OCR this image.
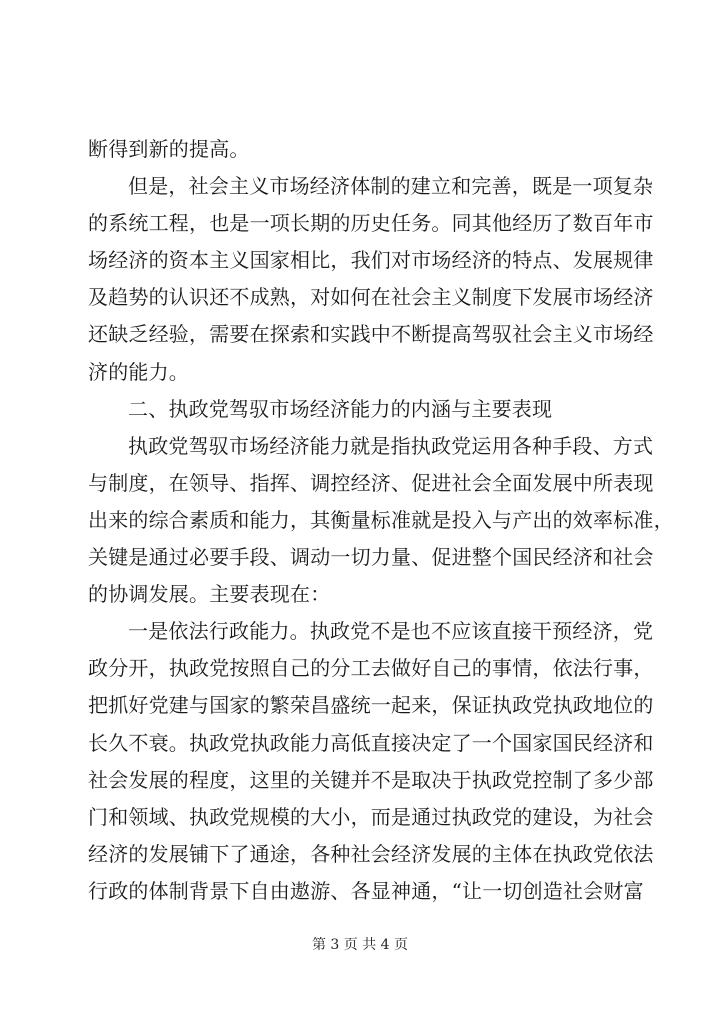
断得到新的提高。
但是，社会主义市场经济体制的建立和完善，既是一项复杂
的系统工程，也是一项长期的历史任务。同其他经历了数百年市
场经济的资本主义国家相比，我们对市场经济的特点、发展规律
及趋势的认识还不成熟，对如何在社会主义制度下发展市场经济
还缺乏经验，需要在探索和实践中不断提高驾驭社会主义市场经
济的能力。
二、执政党驾驭市场经济能力的内涵与主要表现
执政党驾驭市场经济能力就是指执政党运用各种手段、方式
与制度，在领导、指挥、调控经济、促进社会全面发展中所表现
出来的综合素质和能力，其衡量标准就是投入与产出的效率标准，
关键是通过必要手段、调动一切力量、促进整个国民经济和社会
的协调发展。主要表现在：
一是依法行政能力。执政党不是也不应该直接干预经济，党
政分开，执政党按照自己的分工去做好自己的事情，依法行事，
把抓好党建与国家的繁荣昌盛统一起来，保证执政党执政地位的
长久不衰。执政党执政能力高低直接决定了一个国家国民经济和
社会发展的程度，这里的关键并不是取决于执政党控制了多少部
门和领域、执政党规模的大小，而是通过执政党的建设，为社会
经济的发展铺下了通途，各种社会经济发展的主体在执政党依法
行政的体制背景下自由遨游、各显神通，“让一切创造社会财富
第 3 页 共 4 页
